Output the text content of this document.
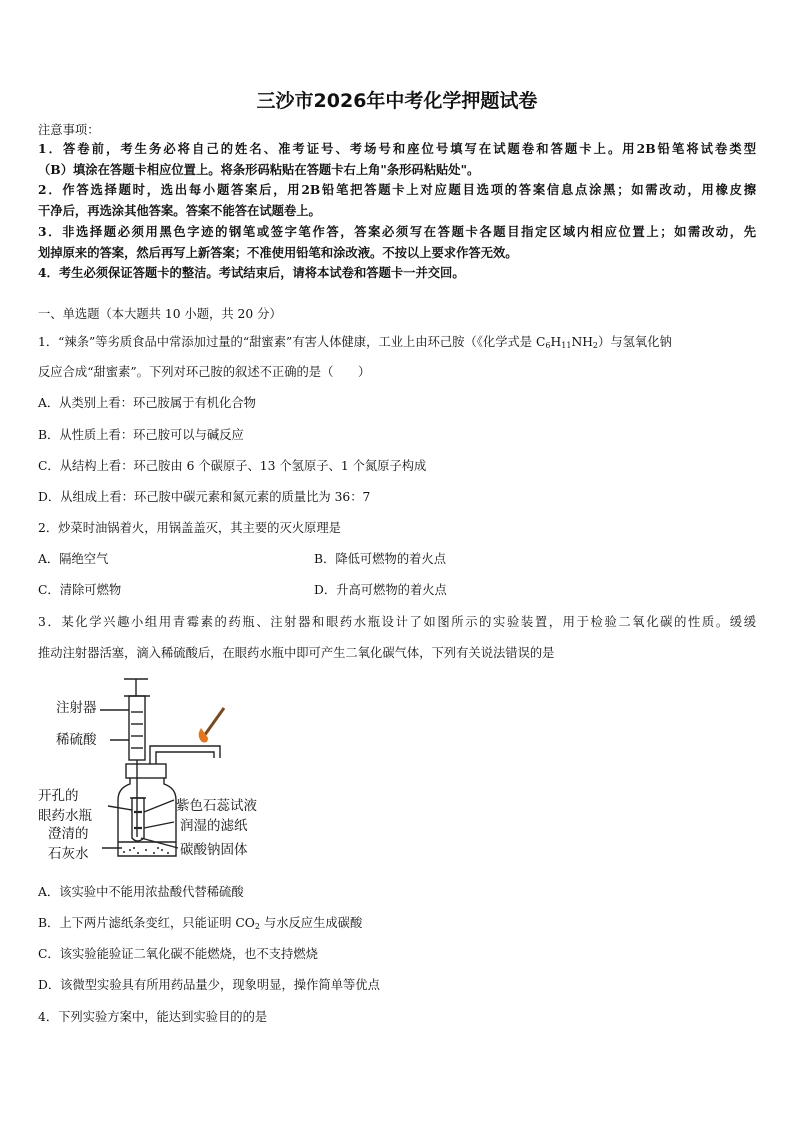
三沙市2026年中考化学押题试卷
注意事项：
1．答卷前，考生务必将自己的姓名、准考证号、考场号和座位号填写在试题卷和答题卡上。用2B铅笔将试卷类型
（B）填涂在答题卡相应位置上。将条形码粘贴在答题卡右上角"条形码粘贴处"。
2．作答选择题时，选出每小题答案后，用2B铅笔把答题卡上对应题目选项的答案信息点涂黑；如需改动，用橡皮擦
干净后，再选涂其他答案。答案不能答在试题卷上。
3．非选择题必须用黑色字迹的钢笔或签字笔作答，答案必须写在答题卡各题目指定区域内相应位置上；如需改动，先
划掉原来的答案，然后再写上新答案；不准使用铅笔和涂改液。不按以上要求作答无效。
4．考生必须保证答题卡的整洁。考试结束后，请将本试卷和答题卡一并交回。
一、单选题（本大题共 10 小题，共 20 分）
1．“辣条”等劣质食品中常添加过量的“甜蜜素”有害人体健康，工业上由环己胺（《化学式是 $C_6H_{11}NH_2$）与氢氧化钠
反应合成“甜蜜素”。下列对环己胺的叙述不正确的是（　　）
A．从类别上看：环己胺属于有机化合物
B．从性质上看：环己胺可以与碱反应
C．从结构上看：环己胺由 6 个碳原子、13 个氢原子、1 个氮原子构成
D．从组成上看：环己胺中碳元素和氮元素的质量比为 36：7
2．炒菜时油锅着火，用锅盖盖灭，其主要的灭火原理是
A．隔绝空气	B．降低可燃物的着火点
C．清除可燃物	D．升高可燃物的着火点
3．某化学兴趣小组用青霉素的药瓶、注射器和眼药水瓶设计了如图所示的实验装置，用于检验二氧化碳的性质。缓缓
推动注射器活塞，滴入稀硫酸后，在眼药水瓶中即可产生二氧化碳气体，下列有关说法错误的是
注射器
稀硫酸
开孔的
眼药水瓶
澄清的
石灰水
紫色石蕊试液
润湿的滤纸
碳酸钠固体
A．该实验中不能用浓盐酸代替稀硫酸
B．上下两片滤纸条变红，只能证明 $CO_2$ 与水反应生成碳酸
C．该实验能验证二氧化碳不能燃烧，也不支持燃烧
D．该微型实验具有所用药品量少，现象明显，操作简单等优点
4．下列实验方案中，能达到实验目的的是
